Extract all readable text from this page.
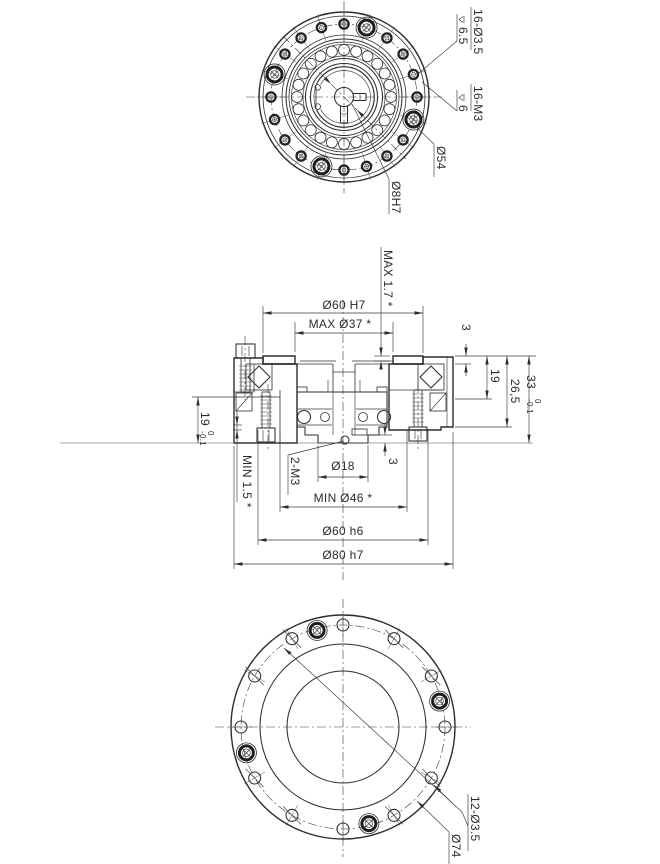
16-Ø3.5
6.5
16-M3
6
Ø54
Ø8H7
Ø60 H7
MAX Ø37 *
MAX 1.7 *
3
19
26,5 33
0
-0.1
19
0
-0.1
MIN 1.5 *	2-M3 Ø18	3
MIN Ø46 *
Ø60 h6
Ø80 h7
12-Ø3.5
Ø74
